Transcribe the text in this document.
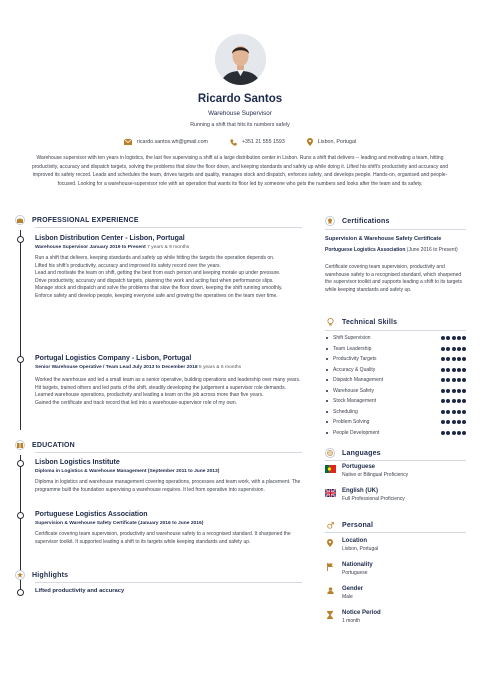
Ricardo Santos
Warehouse Supervisor
Running a shift that hits its numbers safely
ricardo.santos.wh@gmail.com	+351 21 555 1593	Lisbon, Portugal
Warehouse supervisor with ten years in logistics, the last five supervising a shift at a large distribution center in Lisbon. Runs a shift that delivers -- leading and motivating a team, hitting productivity, accuracy and dispatch targets, solving the problems that slow the floor down, and keeping standards and safety up while doing it. Lifted his shift's productivity and accuracy and improved its safety record. Leads and schedules the team, drives targets and quality, manages stock and dispatch, enforces safety, and develops people. Hands-on, organised and people-focused. Looking for a warehouse-supervisor role with an operation that wants its floor led by someone who gets the numbers and looks after the team and its safety.
PROFESSIONAL EXPERIENCE
Lisbon Distribution Center - Lisbon, Portugal
Warehouse Supervisor January 2019 to Present 7 years & 9 months

Run a shift that delivers, keeping standards and safety up while hitting the targets the operation depends on.
Lifted his shift's productivity, accuracy and improved its safety record over the years.
Lead and motivate the team on shift, getting the best from each person and keeping morale up under pressure.
Drive productivity, accuracy and dispatch targets, planning the work and acting fast when performance slips.
Manage stock and dispatch and solve the problems that slow the floor down, keeping the shift running smoothly.
Enforce safety and develop people, keeping everyone safe and growing the operatives on the team over time.

Portugal Logistics Company - Lisbon, Portugal
Senior Warehouse Operative / Team Lead July 2013 to December 2018 5 years & 6 months

Worked the warehouse and led a small team as a senior operative, building operations and leadership over many years.
Hit targets, trained others and led parts of the shift, steadily developing the judgement a supervisor role demands.
Learned warehouse operations, productivity and leading a team on the job across more than five years.
Gained the certificate and track record that led into a warehouse-supervisor role of my own.

EDUCATION
Lisbon Logistics Institute
Diploma in Logistics & Warehouse Management (September 2011 to June 2013)

Diploma in logistics and warehouse management covering operations, processes and team work, with a placement. The programme built the foundation supervising a warehouse requires. It led from operative into supervision.

Portuguese Logistics Association
Supervision & Warehouse Safety Certificate (January 2016 to June 2016)

Certificate covering team supervision, productivity and warehouse safety to a recognised standard. It sharpened the supervisor toolkit. It supported leading a shift to its targets while keeping standards and safety up.

Highlights
Lifted productivity and accuracy
Certifications
Supervision & Warehouse Safety Certificate
Portuguese Logistics Association (June 2016 to Present)

Certificate covering team supervision, productivity and warehouse safety to a recognised standard, which sharpened the supervisor toolkit and supports leading a shift to its targets while keeping standards and safety up.

Technical Skills
Shift Supervision
Team Leadership
Productivity Targets
Accuracy & Quality
Dispatch Management
Warehouse Safety
Stock Management
Scheduling
Problem Solving
People Development
Languages
Portuguese
Native or Bilingual Proficiency
English (UK)
Full Professional Proficiency
Personal
Location
Lisbon, Portugal
Nationality
Portuguese
Gender
Male
Notice Period
1 month
